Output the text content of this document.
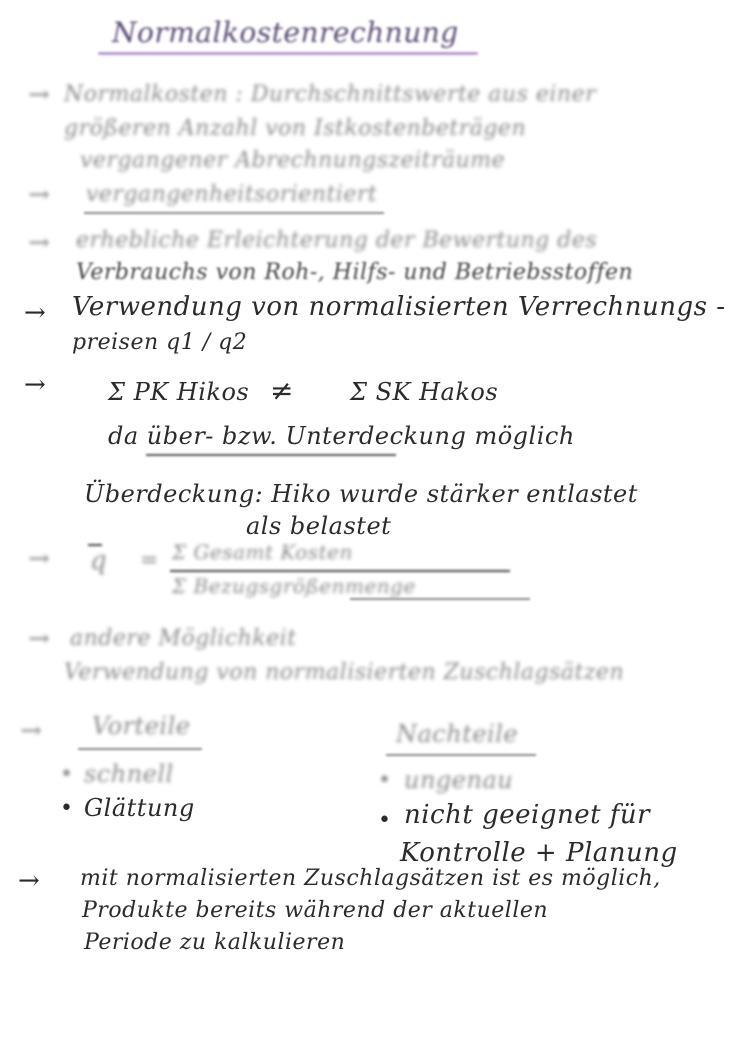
Normalkostenrechnung
→ Normalkosten : Durchschnittswerte aus einer
größeren Anzahl von Istkostenbeträgen
vergangener Abrechnungszeiträume
→ vergangenheitsorientiert
→ erhebliche Erleichterung der Bewertung des
Verbrauchs von Roh-, Hilfs- und Betriebsstoffen
→ Verwendung von normalisierten Verrechnungs -
preisen q1 / q2
→	Σ PK Hikos ≠ Σ SK Hakos
da über- bzw. Unterdeckung möglich
Überdeckung: Hiko wurde stärker entlastet
als belastet
→ q = Σ Gesamt Kosten
Σ Bezugsgrößenmenge
→ andere Möglichkeit
Verwendung von normalisierten Zuschlagsätzen
→ Vorteile	Nachteile
• schnell
• Glättung
• ungenau
• nicht geeignet für
Kontrolle + Planung
→ mit normalisierten Zuschlagsätzen ist es möglich,
Produkte bereits während der aktuellen
Periode zu kalkulieren
